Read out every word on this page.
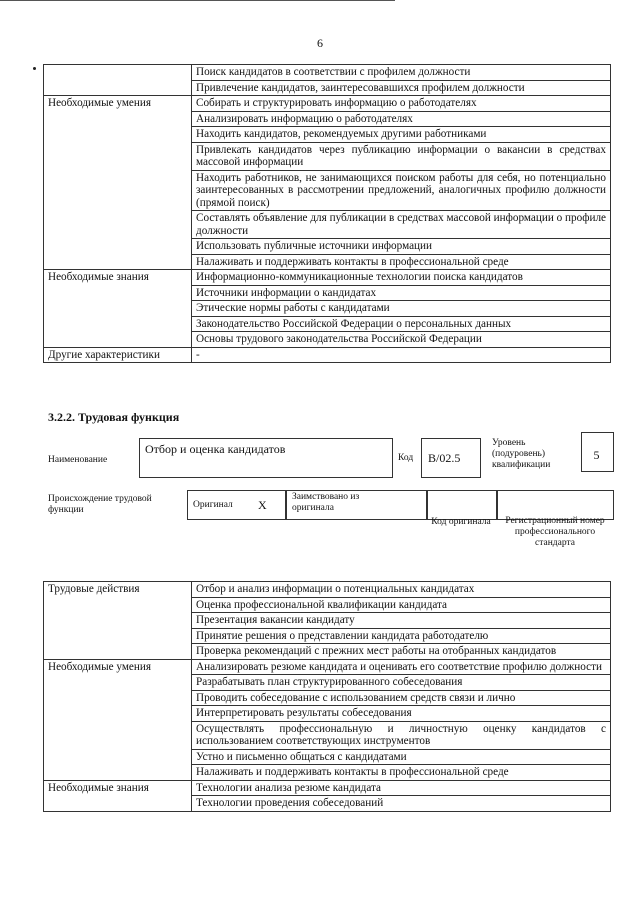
6
	Поиск кандидатов в соответствии с профилем должности
	Привлечение кандидатов, заинтересовавшихся профилем должности
Необходимые умения	Собирать и структурировать информацию о работодателях
	Анализировать информацию о работодателях
	Находить кандидатов, рекомендуемых другими работниками
	Привлекать кандидатов через публикацию информации о вакансии в средствах массовой информации
	Находить работников, не занимающихся поиском работы для себя, но потенциально заинтересованных в рассмотрении предложений, аналогичных профилю должности (прямой поиск)
	Составлять объявление для публикации в средствах массовой информации о профиле должности
	Использовать публичные источники информации
	Налаживать и поддерживать контакты в профессиональной среде
Необходимые знания	Информационно-коммуникационные технологии поиска кандидатов
	Источники информации о кандидатах
	Этические нормы работы с кандидатами
	Законодательство Российской Федерации о персональных данных
	Основы трудового законодательства Российской Федерации
Другие характеристики	-
3.2.2. Трудовая функция
Наименование
Отбор и оценка кандидатов
Код B/02.5
Уровень (подуровень) квалификации
5
Происхождение трудовой функции	Оригинал X
Заимствовано из оригинала
Код оригинала	Регистрационный номер профессионального стандарта
Трудовые действия	Отбор и анализ информации о потенциальных кандидатах
	Оценка профессиональной квалификации кандидата
	Презентация вакансии кандидату
	Принятие решения о представлении кандидата работодателю
	Проверка рекомендаций с прежних мест работы на отобранных кандидатов
Необходимые умения	Анализировать резюме кандидата и оценивать его соответствие профилю должности
	Разрабатывать план структурированного собеседования
	Проводить собеседование с использованием средств связи и лично
	Интерпретировать результаты собеседования
	Осуществлять профессиональную и личностную оценку кандидатов с использованием соответствующих инструментов
	Устно и письменно общаться с кандидатами
	Налаживать и поддерживать контакты в профессиональной среде
Необходимые знания	Технологии анализа резюме кандидата
	Технологии проведения собеседований
